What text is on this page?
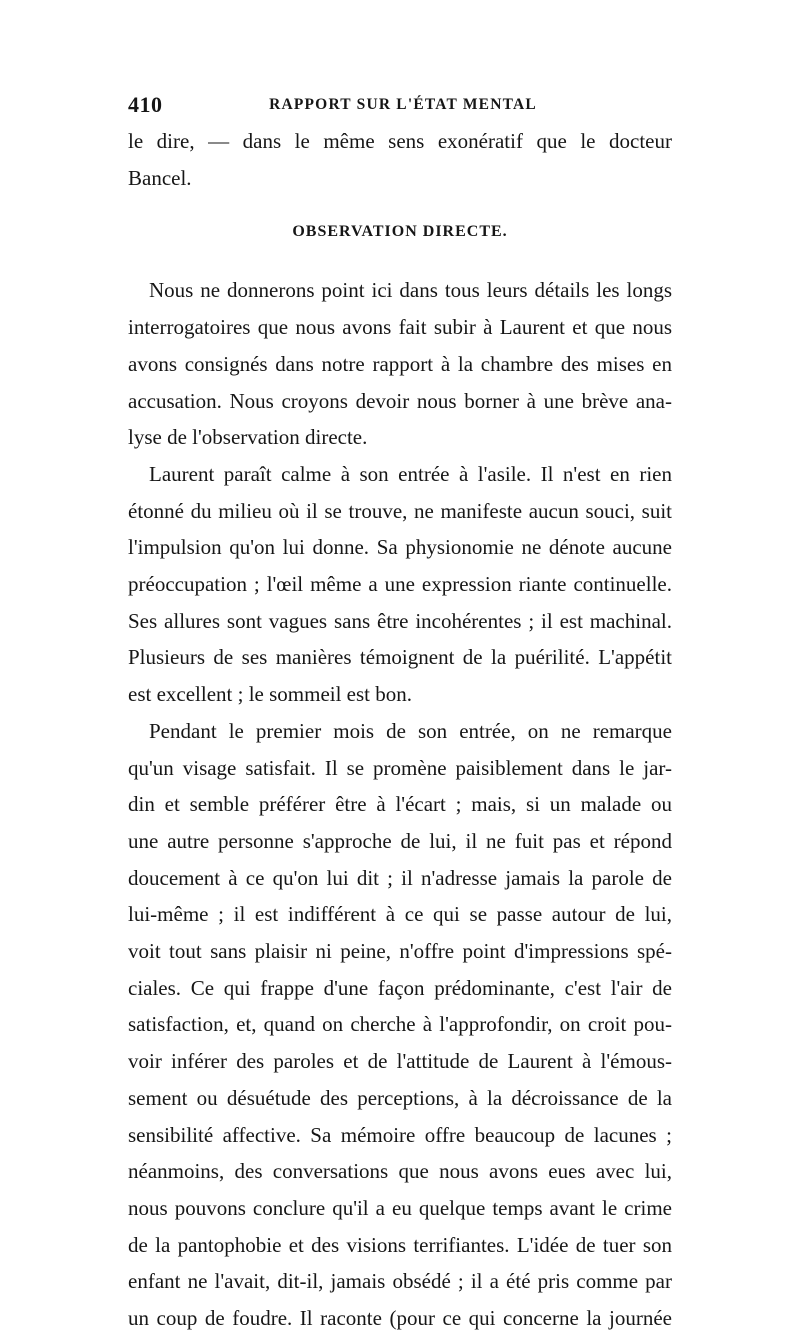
410	RAPPORT SUR L'ÉTAT MENTAL

le dire, — dans le même sens exonératif que le docteur

Bancel.

OBSERVATION DIRECTE.

Nous ne donnerons point ici dans tous leurs détails les longs

interrogatoires que nous avons fait subir à Laurent et que nous

avons consignés dans notre rapport à la chambre des mises en

accusation. Nous croyons devoir nous borner à une brève ana-

lyse de l'observation directe.

Laurent paraît calme à son entrée à l'asile. Il n'est en rien

étonné du milieu où il se trouve, ne manifeste aucun souci, suit

l'impulsion qu'on lui donne. Sa physionomie ne dénote aucune

préoccupation ; l'œil même a une expression riante continuelle.

Ses allures sont vagues sans être incohérentes ; il est machinal.

Plusieurs de ses manières témoignent de la puérilité. L'appétit

est excellent ; le sommeil est bon.

Pendant le premier mois de son entrée, on ne remarque

qu'un visage satisfait. Il se promène paisiblement dans le jar-

din et semble préférer être à l'écart ; mais, si un malade ou

une autre personne s'approche de lui, il ne fuit pas et répond

doucement à ce qu'on lui dit ; il n'adresse jamais la parole de

lui-même ; il est indifférent à ce qui se passe autour de lui,

voit tout sans plaisir ni peine, n'offre point d'impressions spé-

ciales. Ce qui frappe d'une façon prédominante, c'est l'air de

satisfaction, et, quand on cherche à l'approfondir, on croit pou-

voir inférer des paroles et de l'attitude de Laurent à l'émous-

sement ou désuétude des perceptions, à la décroissance de la

sensibilité affective. Sa mémoire offre beaucoup de lacunes ;

néanmoins, des conversations que nous avons eues avec lui,

nous pouvons conclure qu'il a eu quelque temps avant le crime

de la pantophobie et des visions terrifiantes. L'idée de tuer son

enfant ne l'avait, dit-il, jamais obsédé ; il a été pris comme par

un coup de foudre. Il raconte (pour ce qui concerne la journée
